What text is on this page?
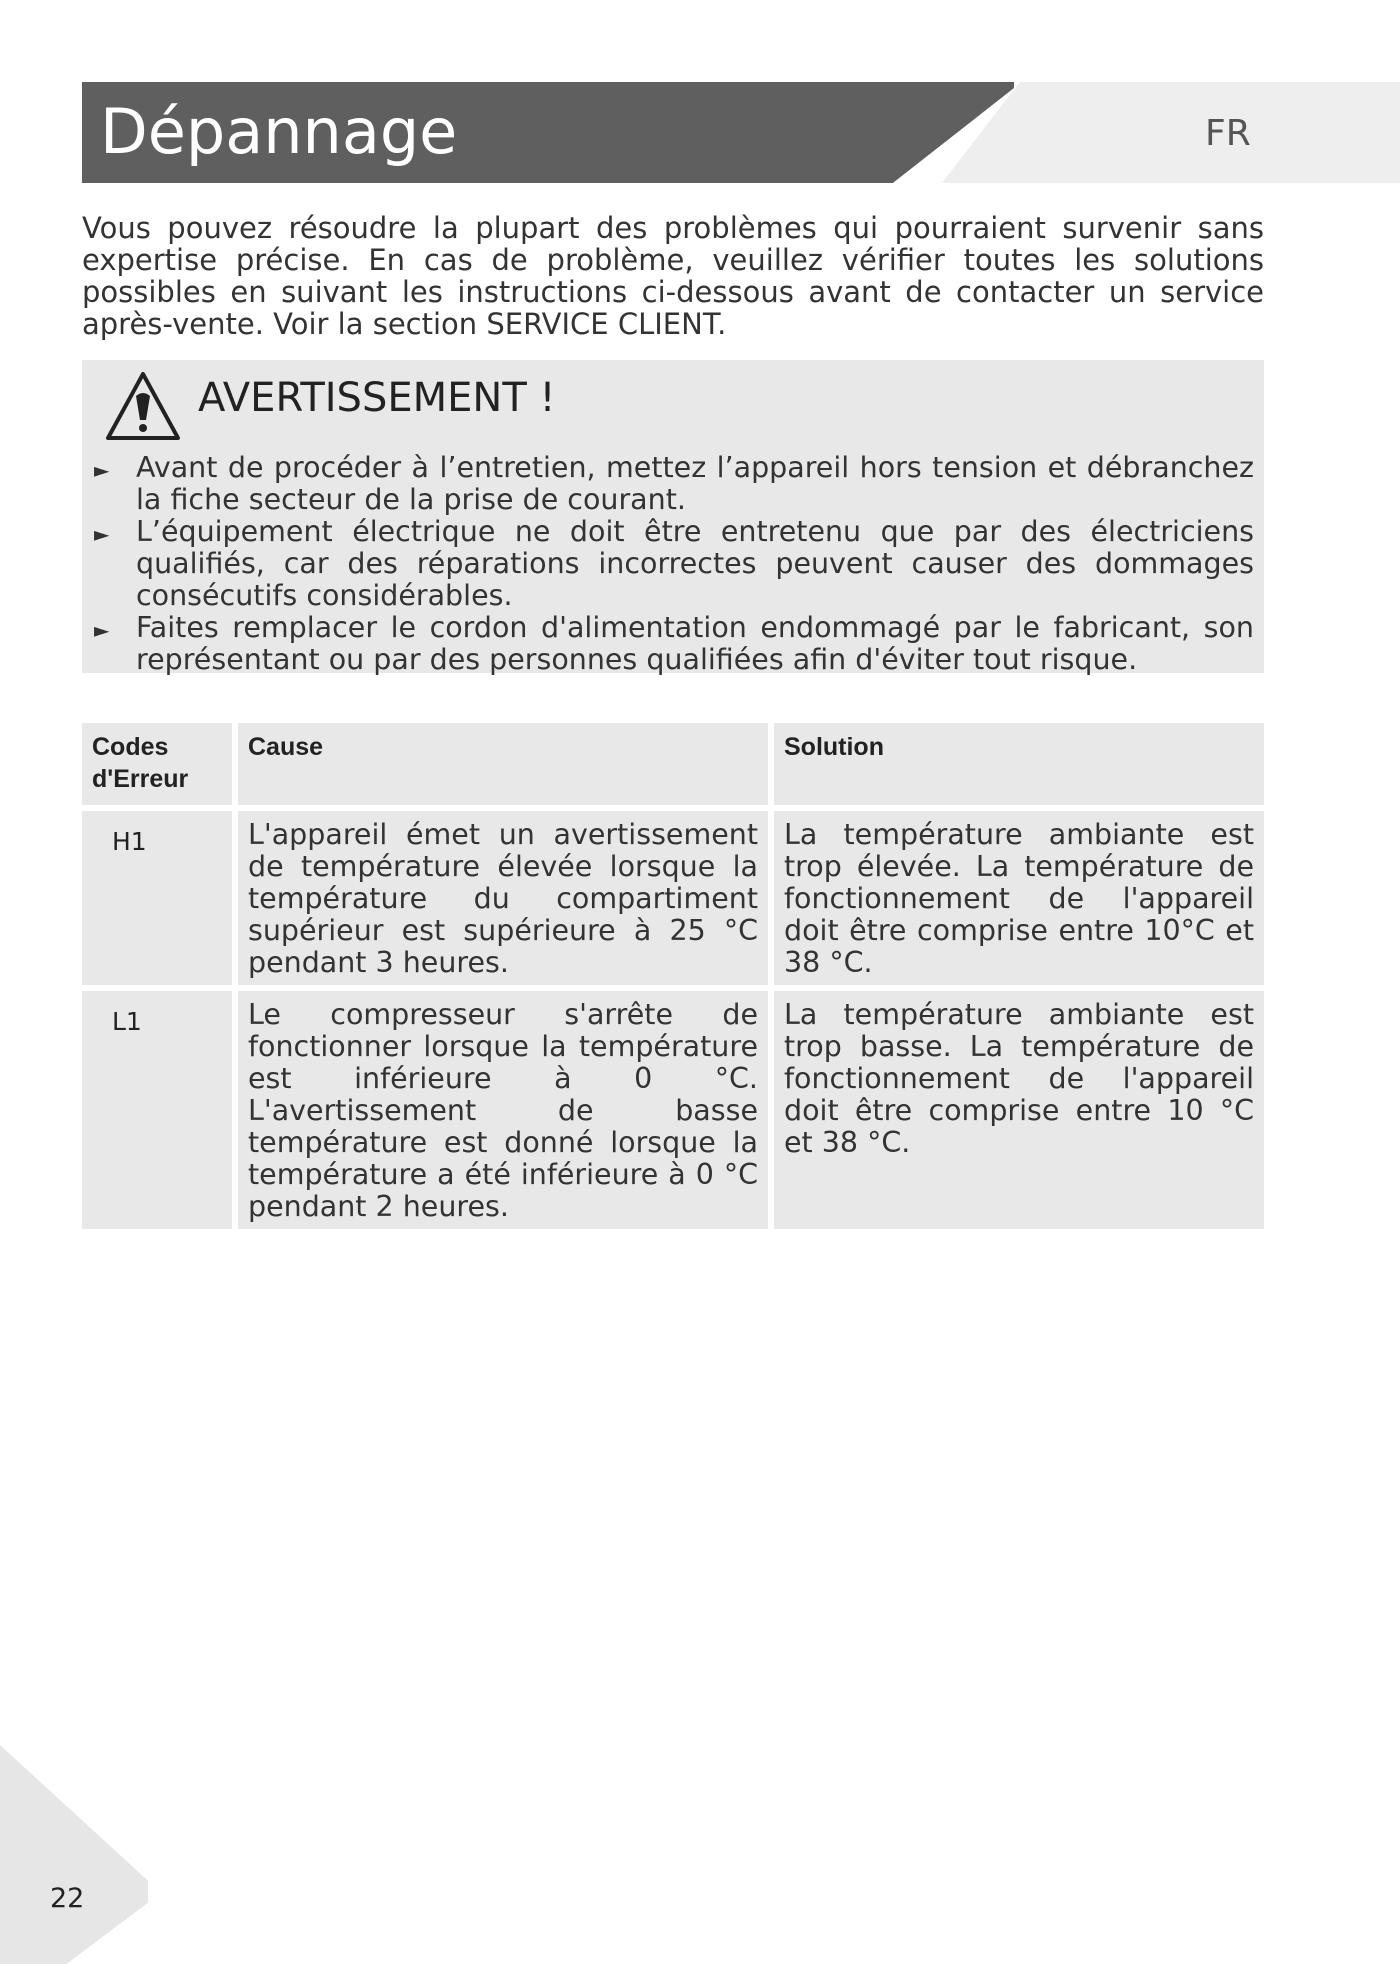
Dépannage	FR

Vous pouvez résoudre la plupart des problèmes qui pourraient survenir sans expertise précise. En cas de problème, veuillez vérifier toutes les solutions possibles en suivant les instructions ci-dessous avant de contacter un service après-vente. Voir la section SERVICE CLIENT.

AVERTISSEMENT !
► Avant de procéder à l’entretien, mettez l’appareil hors tension et débranchez la fiche secteur de la prise de courant.
► L’équipement électrique ne doit être entretenu que par des électriciens qualifiés, car des réparations incorrectes peuvent causer des dommages consécutifs considérables.
► Faites remplacer le cordon d'alimentation endommagé par le fabricant, son représentant ou par des personnes qualifiées afin d'éviter tout risque.
Codes d'Erreur	Cause	Solution
H1	L'appareil émet un avertissement de température élevée lorsque la température du compartiment supérieur est supérieure à 25 °C pendant 3 heures.	La température ambiante est trop élevée. La température de fonctionnement de l'appareil doit être comprise entre 10°C et 38 °C.
L1	Le compresseur s'arrête de fonctionner lorsque la température est inférieure à 0 °C. L'avertissement de basse température est donné lorsque la température a été inférieure à 0 °C pendant 2 heures.	La température ambiante est trop basse. La température de fonctionnement de l'appareil doit être comprise entre 10 °C et 38 °C.
22
